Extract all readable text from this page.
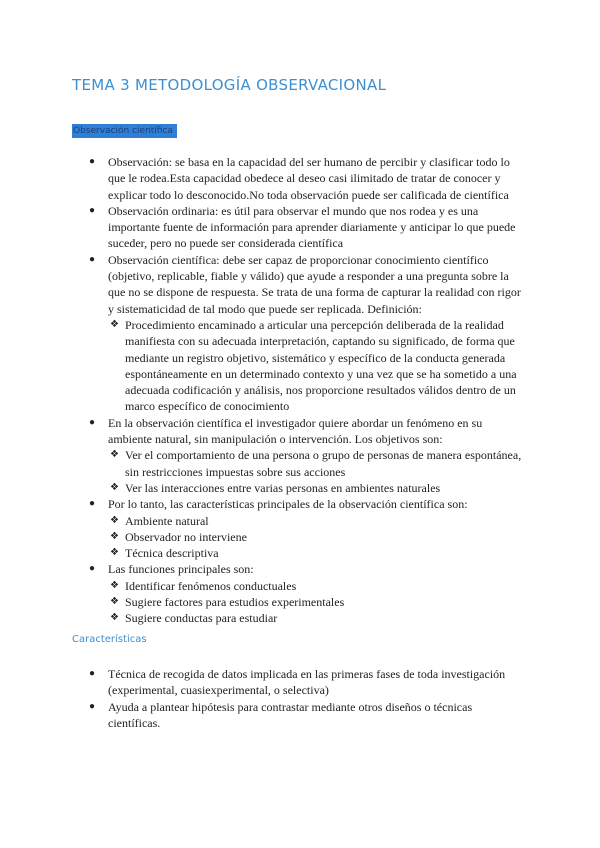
TEMA 3 METODOLOGÍA OBSERVACIONAL
Observación científica
● Observación: se basa en la capacidad del ser humano de percibir y clasificar todo lo que le rodea.Esta capacidad obedece al deseo casi ilimitado de tratar de conocer y explicar todo lo desconocido.No toda observación puede ser calificada de científica
● Observación ordinaria: es útil para observar el mundo que nos rodea y es una importante fuente de información para aprender diariamente y anticipar lo que puede suceder, pero no puede ser considerada científica
● Observación científica: debe ser capaz de proporcionar conocimiento científico (objetivo, replicable, fiable y válido) que ayude a responder a una pregunta sobre la que no se dispone de respuesta. Se trata de una forma de capturar la realidad con rigor y sistematicidad de tal modo que puede ser replicada. Definición:
❖ Procedimiento encaminado a articular una percepción deliberada de la realidad manifiesta con su adecuada interpretación, captando su significado, de forma que mediante un registro objetivo, sistemático y específico de la conducta generada espontáneamente en un determinado contexto y una vez que se ha sometido a una adecuada codificación y análisis, nos proporcione resultados válidos dentro de un marco específico de conocimiento
● En la observación científica el investigador quiere abordar un fenómeno en su ambiente natural, sin manipulación o intervención. Los objetivos son:
❖ Ver el comportamiento de una persona o grupo de personas de manera espontánea, sin restricciones impuestas sobre sus acciones
❖ Ver las interacciones entre varias personas en ambientes naturales
● Por lo tanto, las características principales de la observación científica son:
❖ Ambiente natural
❖ Observador no interviene
❖ Técnica descriptiva
● Las funciones principales son:
❖ Identificar fenómenos conductuales
❖ Sugiere factores para estudios experimentales
❖ Sugiere conductas para estudiar
Características
● Técnica de recogida de datos implicada en las primeras fases de toda investigación (experimental, cuasiexperimental, o selectiva)
● Ayuda a plantear hipótesis para contrastar mediante otros diseños o técnicas científicas.
